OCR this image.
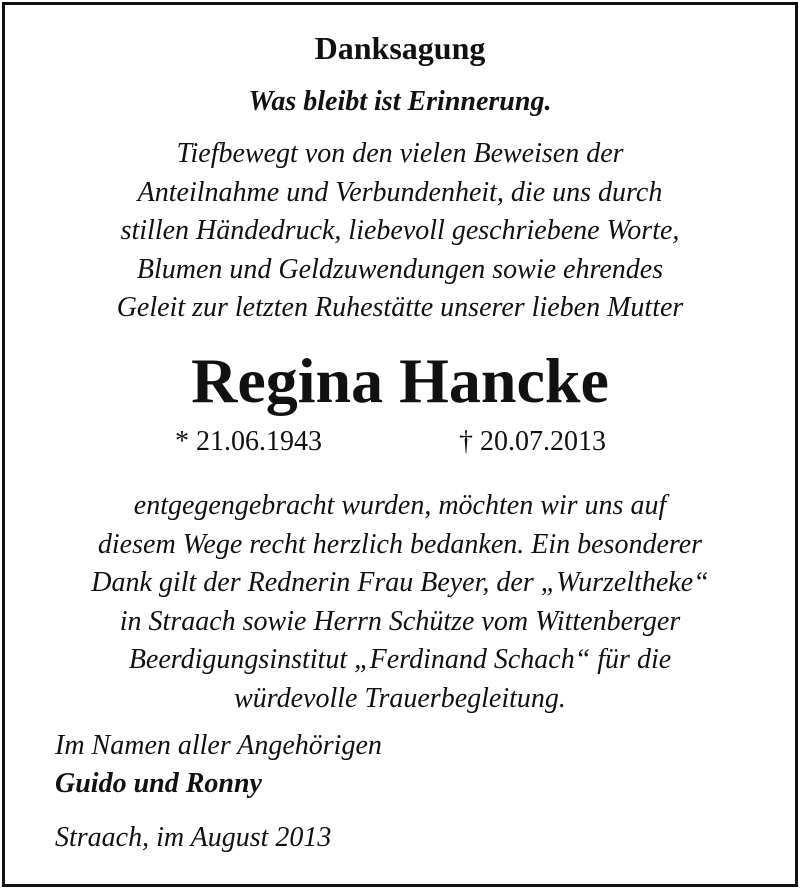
Danksagung
Was bleibt ist Erinnerung.
Tiefbewegt von den vielen Beweisen der
Anteilnahme und Verbundenheit, die uns durch
stillen Händedruck, liebevoll geschriebene Worte,
Blumen und Geldzuwendungen sowie ehrendes
Geleit zur letzten Ruhestätte unserer lieben Mutter
Regina Hancke
* 21.06.1943	† 20.07.2013
entgegengebracht wurden, möchten wir uns auf
diesem Wege recht herzlich bedanken. Ein besonderer
Dank gilt der Rednerin Frau Beyer, der „Wurzeltheke“
in Straach sowie Herrn Schütze vom Wittenberger
Beerdigungsinstitut „Ferdinand Schach“ für die
würdevolle Trauerbegleitung.
Im Namen aller Angehörigen
Guido und Ronny
Straach, im August 2013
